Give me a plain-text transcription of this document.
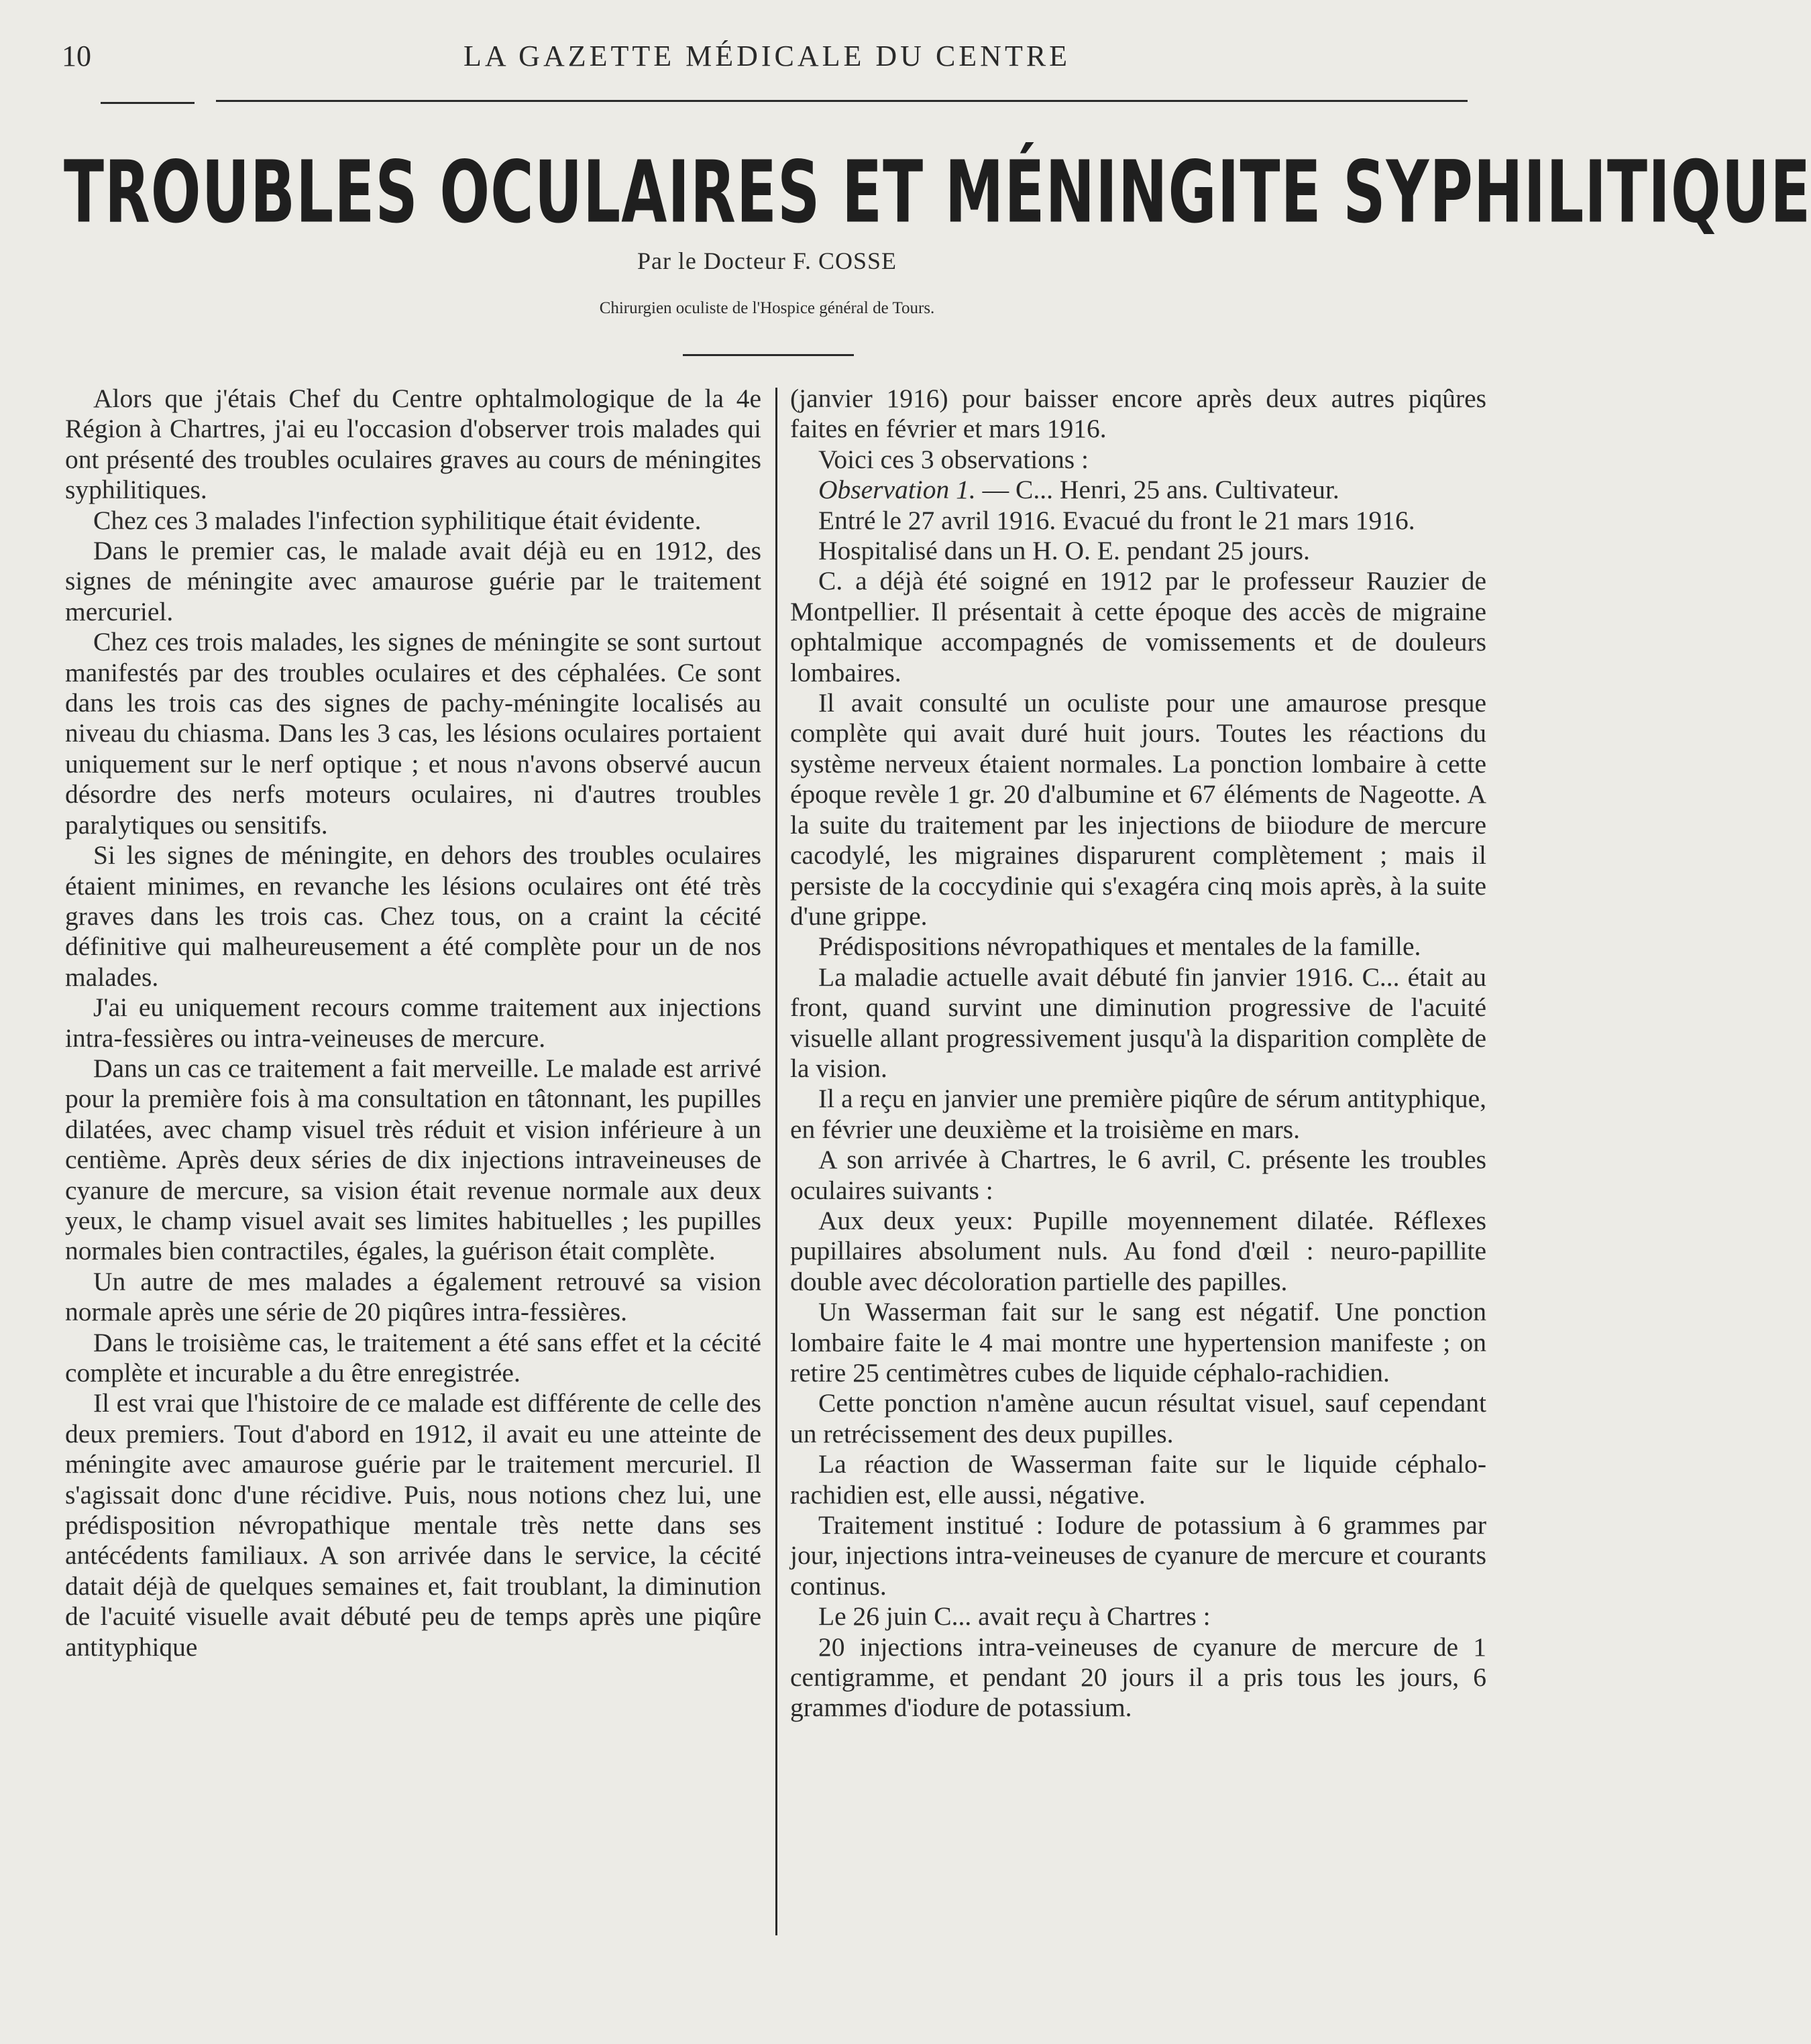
10	LA GAZETTE MÉDICALE DU CENTRE
TROUBLES OCULAIRES ET MÉNINGITE SYPHILITIQUE
Par le Docteur F. COSSE
Chirurgien oculiste de l'Hospice général de Tours.

Alors que j'étais Chef du Centre ophtalmologique de la 4e Région à Chartres, j'ai eu l'occasion d'observer trois malades qui ont présenté des troubles oculaires graves au cours de méningites syphilitiques.

Chez ces 3 malades l'infection syphilitique était évidente.

Dans le premier cas, le malade avait déjà eu en 1912, des signes de méningite avec amaurose guérie par le traitement mercuriel.

Chez ces trois malades, les signes de méningite se sont surtout manifestés par des troubles oculaires et des céphalées. Ce sont dans les trois cas des signes de pachy-méningite localisés au niveau du chiasma. Dans les 3 cas, les lésions oculaires portaient uniquement sur le nerf optique ; et nous n'avons observé aucun désordre des nerfs moteurs oculaires, ni d'autres troubles paralytiques ou sensitifs.

Si les signes de méningite, en dehors des troubles oculaires étaient minimes, en revanche les lésions oculaires ont été très graves dans les trois cas. Chez tous, on a craint la cécité définitive qui malheureusement a été complète pour un de nos malades.

J'ai eu uniquement recours comme traitement aux injections intra-fessières ou intra-veineuses de mercure.

Dans un cas ce traitement a fait merveille. Le malade est arrivé pour la première fois à ma consultation en tâtonnant, les pupilles dilatées, avec champ visuel très réduit et vision inférieure à un centième. Après deux séries de dix injections intraveineuses de cyanure de mercure, sa vision était revenue normale aux deux yeux, le champ visuel avait ses limites habituelles ; les pupilles normales bien contractiles, égales, la guérison était complète.

Un autre de mes malades a également retrouvé sa vision normale après une série de 20 piqûres intra-fessières.

Dans le troisième cas, le traitement a été sans effet et la cécité complète et incurable a du être enregistrée.

Il est vrai que l'histoire de ce malade est différente de celle des deux premiers. Tout d'abord en 1912, il avait eu une atteinte de méningite avec amaurose guérie par le traitement mercuriel. Il s'agissait donc d'une récidive. Puis, nous notions chez lui, une prédisposition névropathique mentale très nette dans ses antécédents familiaux. A son arrivée dans le service, la cécité datait déjà de quelques semaines et, fait troublant, la diminution de l'acuité visuelle avait débuté peu de temps après une piqûre antityphique

(janvier 1916) pour baisser encore après deux autres piqûres faites en février et mars 1916.

Voici ces 3 observations :

Observation 1. — C... Henri, 25 ans. Cultivateur.

Entré le 27 avril 1916. Evacué du front le 21 mars 1916.

Hospitalisé dans un H. O. E. pendant 25 jours.

C. a déjà été soigné en 1912 par le professeur Rauzier de Montpellier. Il présentait à cette époque des accès de migraine ophtalmique accompagnés de vomissements et de douleurs lombaires.

Il avait consulté un oculiste pour une amaurose presque complète qui avait duré huit jours. Toutes les réactions du système nerveux étaient normales. La ponction lombaire à cette époque revèle 1 gr. 20 d'albumine et 67 éléments de Nageotte. A la suite du traitement par les injections de biiodure de mercure cacodylé, les migraines disparurent complètement ; mais il persiste de la coccydinie qui s'exagéra cinq mois après, à la suite d'une grippe.

Prédispositions névropathiques et mentales de la famille.

La maladie actuelle avait débuté fin janvier 1916. C... était au front, quand survint une diminution progressive de l'acuité visuelle allant progressivement jusqu'à la disparition complète de la vision.

Il a reçu en janvier une première piqûre de sérum antityphique, en février une deuxième et la troisième en mars.

A son arrivée à Chartres, le 6 avril, C. présente les troubles oculaires suivants :

Aux deux yeux: Pupille moyennement dilatée. Réflexes pupillaires absolument nuls. Au fond d'œil : neuro-papillite double avec décoloration partielle des papilles.

Un Wasserman fait sur le sang est négatif. Une ponction lombaire faite le 4 mai montre une hypertension manifeste ; on retire 25 centimètres cubes de liquide céphalo-rachidien.

Cette ponction n'amène aucun résultat visuel, sauf cependant un retrécissement des deux pupilles.

La réaction de Wasserman faite sur le liquide céphalo-rachidien est, elle aussi, négative.

Traitement institué : Iodure de potassium à 6 grammes par jour, injections intra-veineuses de cyanure de mercure et courants continus.

Le 26 juin C... avait reçu à Chartres :

20 injections intra-veineuses de cyanure de mercure de 1 centigramme, et pendant 20 jours il a pris tous les jours, 6 grammes d'iodure de potassium.
